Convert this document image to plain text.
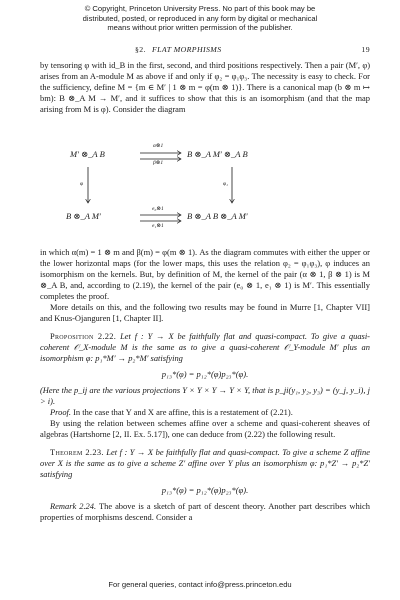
© Copyright, Princeton University Press. No part of this book may be
distributed, posted, or reproduced in any form by digital or mechanical
means without prior written permission of the publisher.
§2. FLAT MORPHISMS	19

by tensoring φ with id_B in the first, second, and third positions respectively. Then a pair (M′, φ) arises from an A-module M as above if and only if φ₂ = φ₁φ₃. The necessity is easy to check. For the sufficiency, define M = {m ∈ M′ | 1 ⊗ m = φ(m ⊗ 1)}. There is a canonical map (b ⊗ m ↦ bm): B ⊗_A M → M′, and it suffices to show that this is an isomorphism (and that the map arising from M is φ). Consider the diagram

M′ ⊗_A B	B ⊗_A M′ ⊗_A B
B ⊗_A M′	B ⊗_A B ⊗_A M′
α⊗1
β⊗1
φ	φ₁
e₀⊗1
e₁⊗1

in which α(m) = 1 ⊗ m and β(m) = φ(m ⊗ 1). As the diagram commutes with either the upper or the lower horizontal maps (for the lower maps, this uses the relation φ₂ = φ₁φ₃), φ induces an isomorphism on the kernels. But, by definition of M, the kernel of the pair (α ⊗ 1, β ⊗ 1) is M ⊗_A B, and, according to (2.19), the kernel of the pair (e₀ ⊗ 1, e₁ ⊗ 1) is M′. This essentially completes the proof.

More details on this, and the following two results may be found in Murre [1, Chapter VII] and Knus-Ojanguren [1, Chapter II].

Proposition 2.22. Let f : Y → X be faithfully flat and quasi-compact. To give a quasi-coherent 𝒪_X-module M is the same as to give a quasi-coherent 𝒪_Y-module M′ plus an isomorphism φ: p₁*M′ → p₂*M′ satisfying

p₁₃*(φ) = p₁₂*(φ)p₂₃*(φ).

(Here the p_ij are the various projections Y × Y × Y → Y × Y, that is p_ji(y₁, y₂, y₃) = (y_j, y_i), j > i).

Proof. In the case that Y and X are affine, this is a restatement of (2.21).

By using the relation between schemes affine over a scheme and quasi-coherent sheaves of algebras (Hartshorne [2, II. Ex. 5.17]), one can deduce from (2.22) the following result.

Theorem 2.23. Let f : Y → X be faithfully flat and quasi-compact. To give a scheme Z affine over X is the same as to give a scheme Z′ affine over Y plus an isomorphism φ: p₁*Z′ → p₂*Z′ satisfying

p₁₃*(φ) = p₁₂*(φ)p₂₃*(φ).

Remark 2.24. The above is a sketch of part of descent theory. Another part describes which properties of morphisms descend. Consider a

For general queries, contact info@press.princeton.edu
